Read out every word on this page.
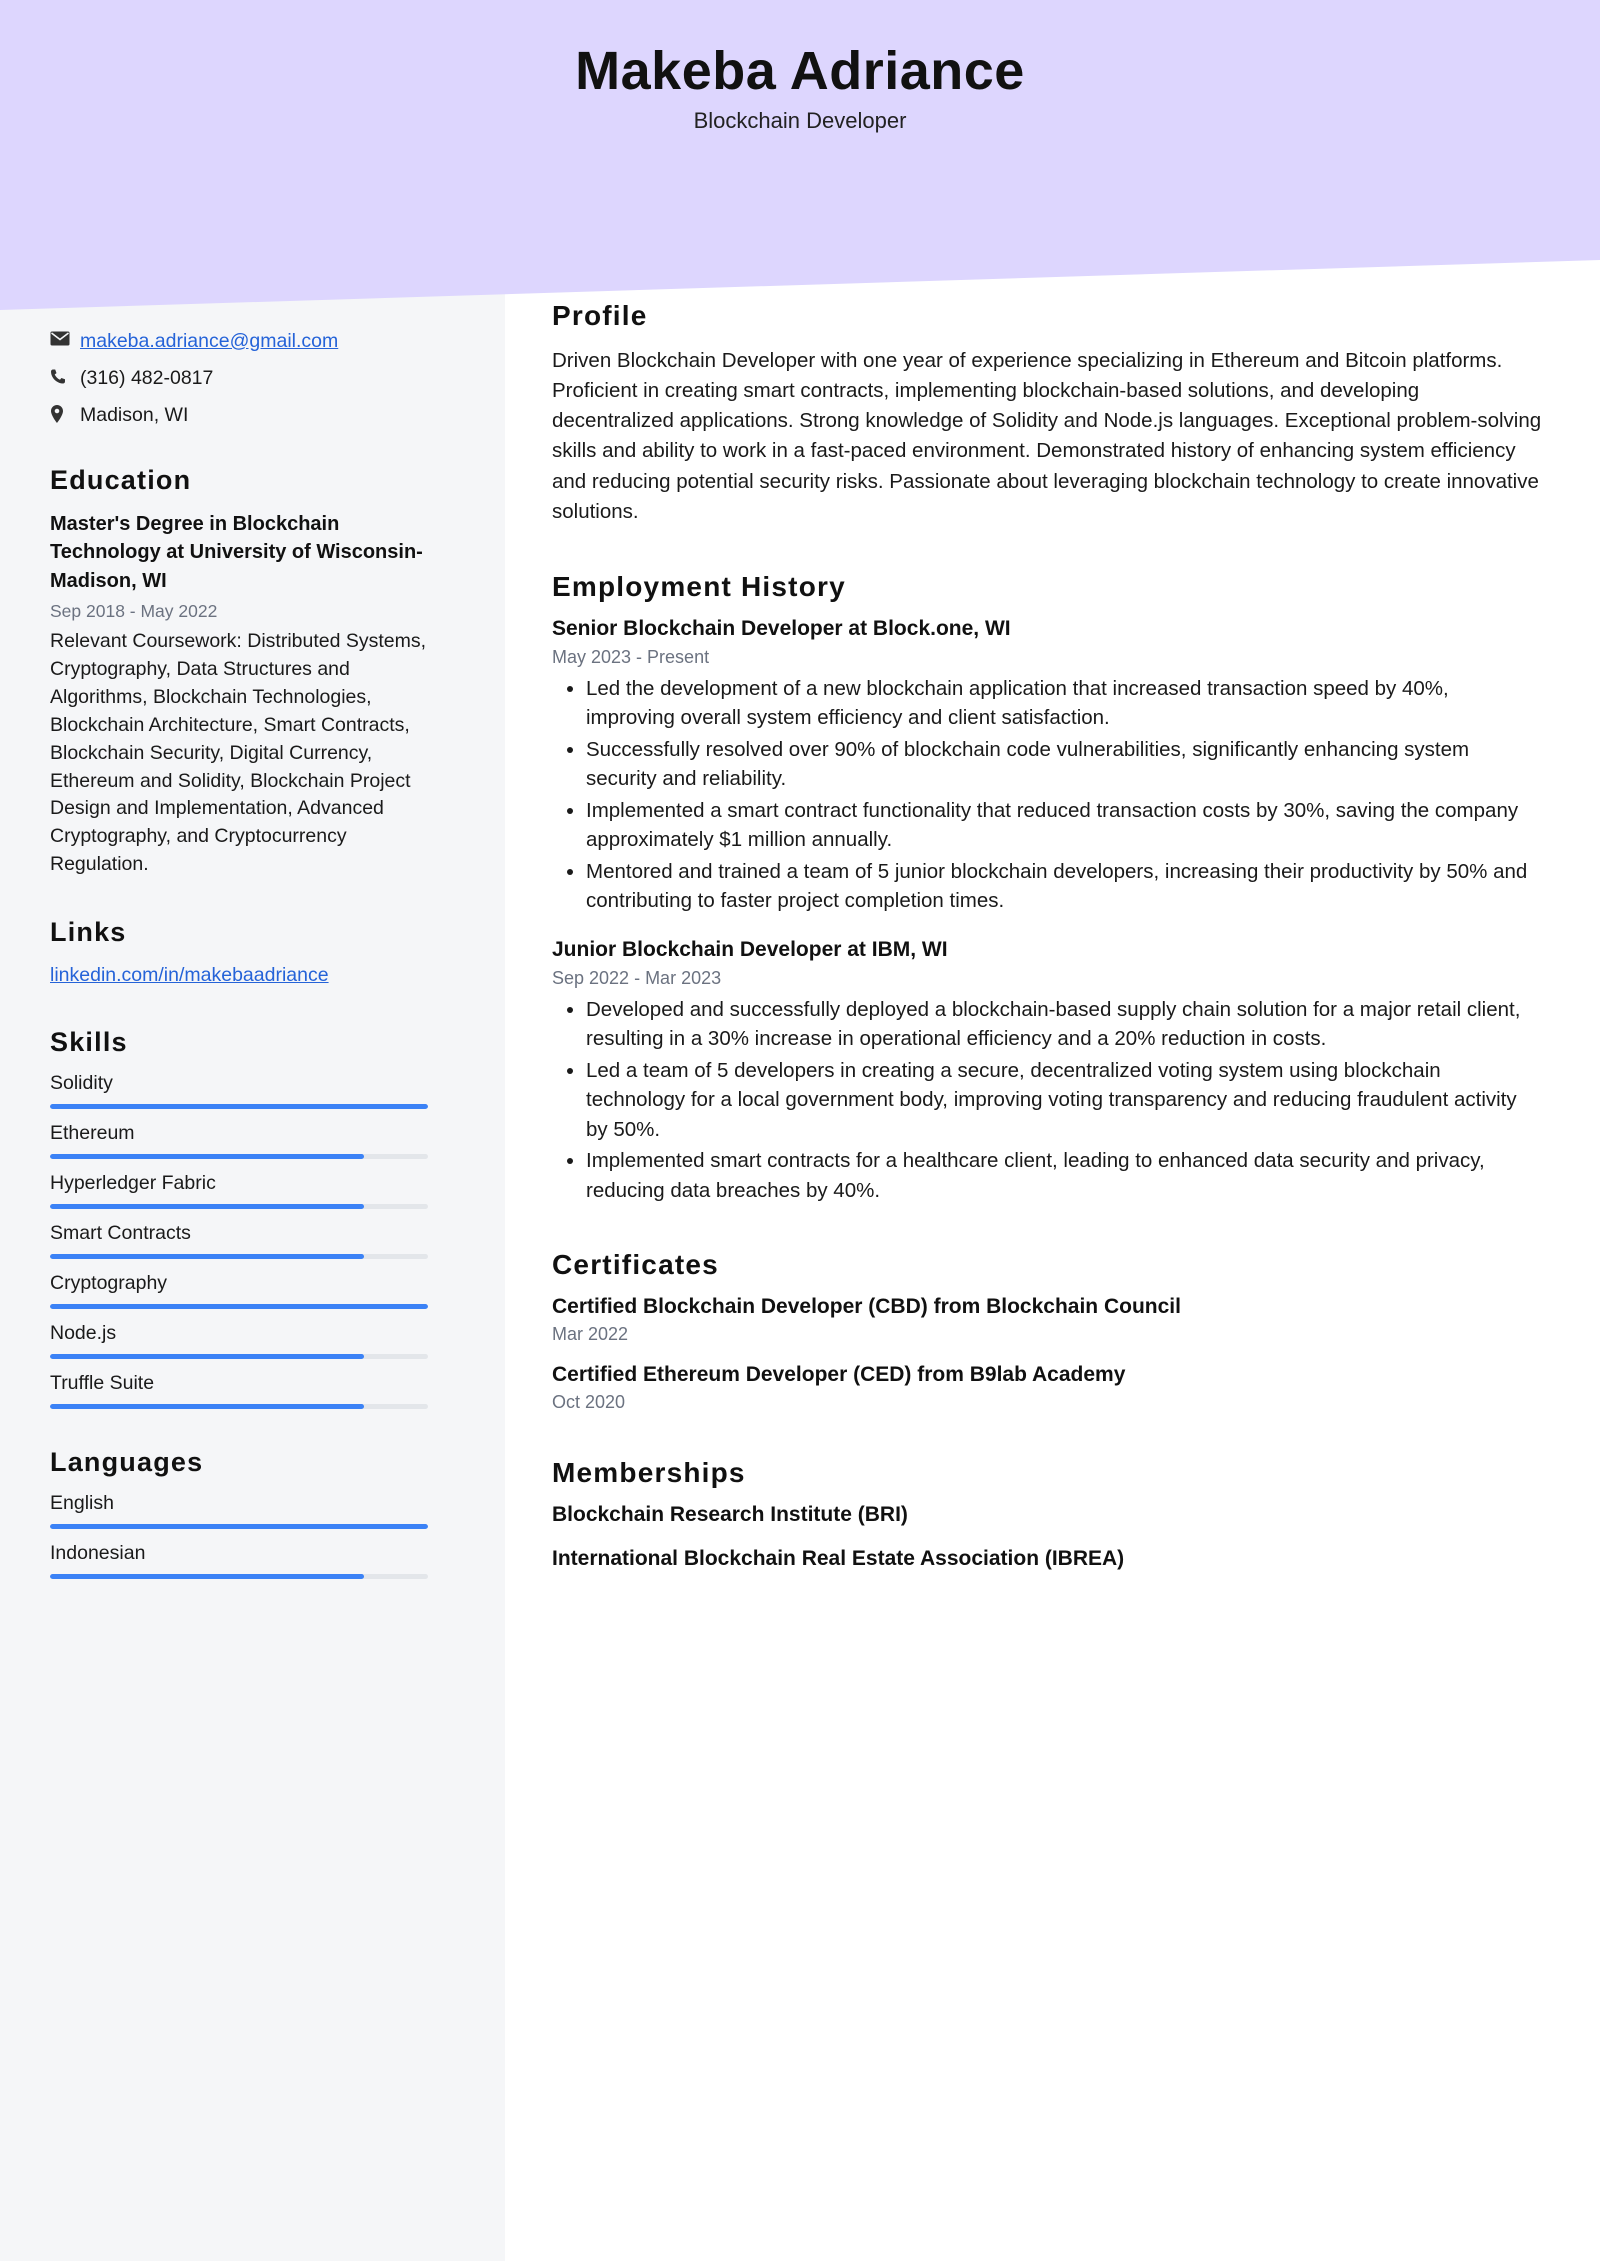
Makeba Adriance
Blockchain Developer
makeba.adriance@gmail.com
(316) 482-0817
Madison, WI
Education
Master's Degree in Blockchain Technology at University of Wisconsin-Madison, WI
Sep 2018 - May 2022
Relevant Coursework: Distributed Systems, Cryptography, Data Structures and Algorithms, Blockchain Technologies, Blockchain Architecture, Smart Contracts, Blockchain Security, Digital Currency, Ethereum and Solidity, Blockchain Project Design and Implementation, Advanced Cryptography, and Cryptocurrency Regulation.
Links
linkedin.com/in/makebaadriance
Skills
Solidity
Ethereum
Hyperledger Fabric
Smart Contracts
Cryptography
Node.js
Truffle Suite
Languages
English
Indonesian
Profile
Driven Blockchain Developer with one year of experience specializing in Ethereum and Bitcoin platforms. Proficient in creating smart contracts, implementing blockchain-based solutions, and developing decentralized applications. Strong knowledge of Solidity and Node.js languages. Exceptional problem-solving skills and ability to work in a fast-paced environment. Demonstrated history of enhancing system efficiency and reducing potential security risks. Passionate about leveraging blockchain technology to create innovative solutions.
Employment History
Senior Blockchain Developer at Block.one, WI
May 2023 - Present
• Led the development of a new blockchain application that increased transaction speed by 40%, improving overall system efficiency and client satisfaction.
• Successfully resolved over 90% of blockchain code vulnerabilities, significantly enhancing system security and reliability.
• Implemented a smart contract functionality that reduced transaction costs by 30%, saving the company approximately $1 million annually.
• Mentored and trained a team of 5 junior blockchain developers, increasing their productivity by 50% and contributing to faster project completion times.
Junior Blockchain Developer at IBM, WI
Sep 2022 - Mar 2023
• Developed and successfully deployed a blockchain-based supply chain solution for a major retail client, resulting in a 30% increase in operational efficiency and a 20% reduction in costs.
• Led a team of 5 developers in creating a secure, decentralized voting system using blockchain technology for a local government body, improving voting transparency and reducing fraudulent activity by 50%.
• Implemented smart contracts for a healthcare client, leading to enhanced data security and privacy, reducing data breaches by 40%.
Certificates
Certified Blockchain Developer (CBD) from Blockchain Council
Mar 2022
Certified Ethereum Developer (CED) from B9lab Academy
Oct 2020
Memberships
Blockchain Research Institute (BRI)
International Blockchain Real Estate Association (IBREA)
